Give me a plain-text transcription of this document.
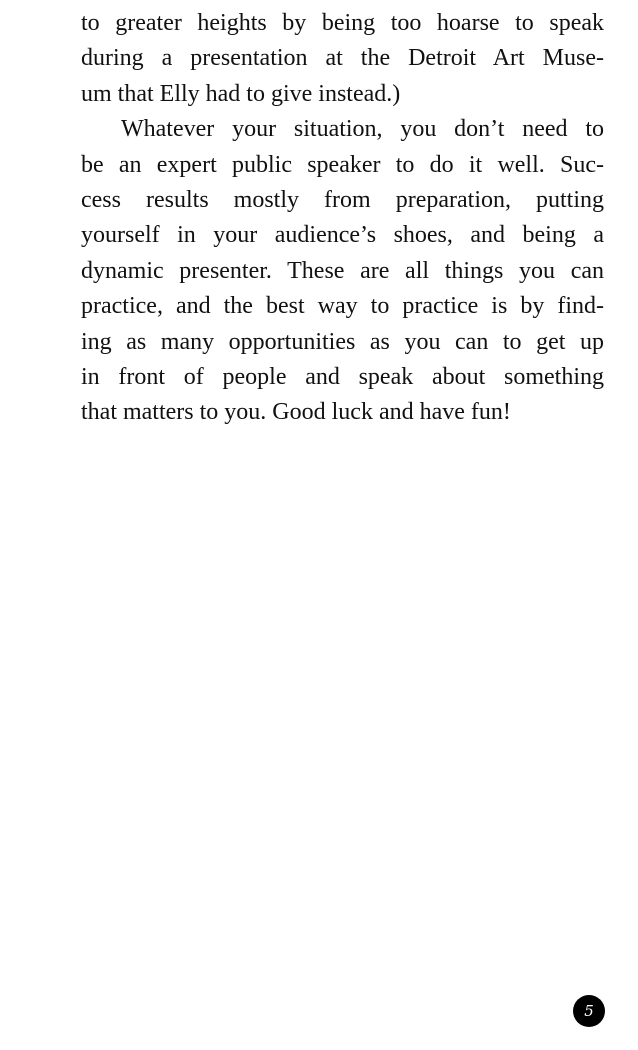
to greater heights by being too hoarse to speak
during a presentation at the Detroit Art Muse-
um that Elly had to give instead.)
Whatever your situation, you don’t need to
be an expert public speaker to do it well. Suc-
cess results mostly from preparation, putting
yourself in your audience’s shoes, and being a
dynamic presenter. These are all things you can
practice, and the best way to practice is by find-
ing as many opportunities as you can to get up
in front of people and speak about something
that matters to you. Good luck and have fun!
5
